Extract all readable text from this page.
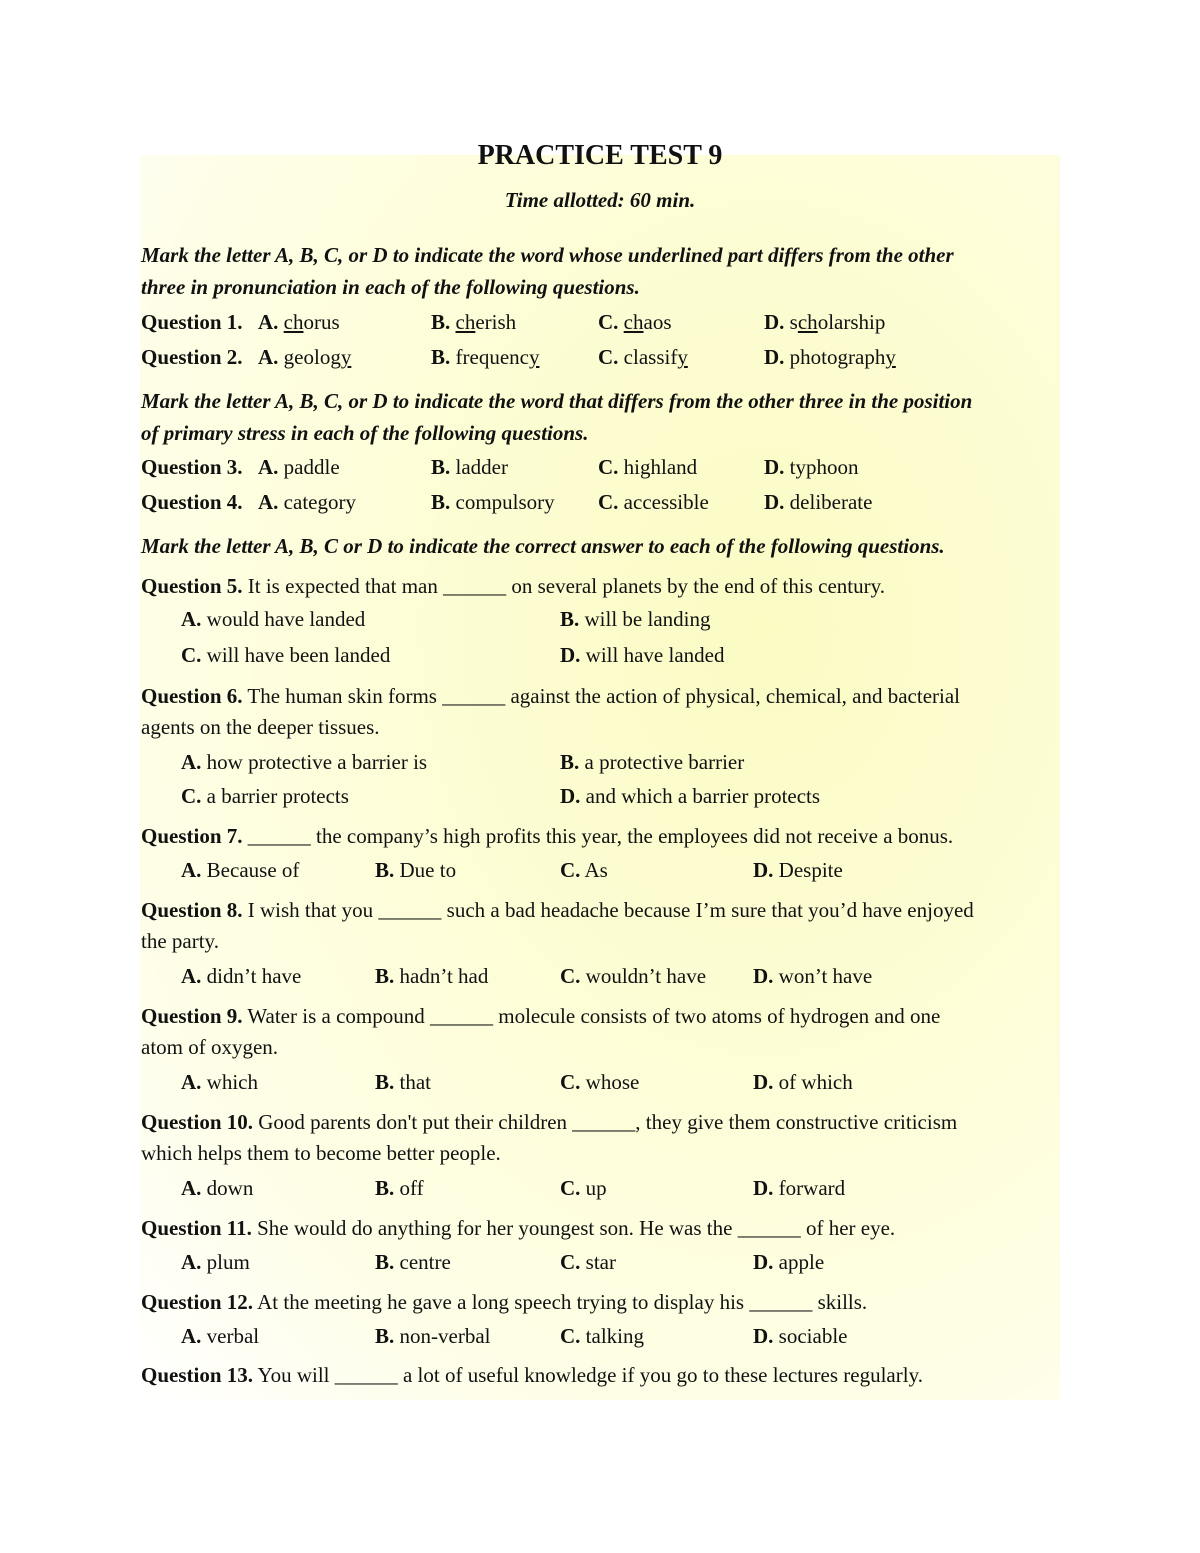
PRACTICE TEST 9
Time allotted: 60 min.
Mark the letter A, B, C, or D to indicate the word whose underlined part differs from the other
three in pronunciation in each of the following questions.
Question 1. A. chorus	B. cherish	C. chaos	D. scholarship
Question 2. A. geology	B. frequency	C. classify	D. photography
Mark the letter A, B, C, or D to indicate the word that differs from the other three in the position
of primary stress in each of the following questions.
Question 3. A. paddle	B. ladder	C. highland	D. typhoon
Question 4. A. category	B. compulsory C. accessible	D. deliberate
Mark the letter A, B, C or D to indicate the correct answer to each of the following questions.
Question 5. It is expected that man ______ on several planets by the end of this century.
A. would have landed	B. will be landing
C. will have been landed	D. will have landed
Question 6. The human skin forms ______ against the action of physical, chemical, and bacterial
agents on the deeper tissues.
A. how protective a barrier is	B. a protective barrier
C. a barrier protects	D. and which a barrier protects
Question 7. ______ the company’s high profits this year, the employees did not receive a bonus.
A. Because of	B. Due to	C. As	D. Despite
Question 8. I wish that you ______ such a bad headache because I’m sure that you’d have enjoyed
the party.
A. didn’t have	B. hadn’t had	C. wouldn’t have D. won’t have
Question 9. Water is a compound ______ molecule consists of two atoms of hydrogen and one
atom of oxygen.
A. which	B. that	C. whose	D. of which
Question 10. Good parents don't put their children ______, they give them constructive criticism
which helps them to become better people.
A. down	B. off	C. up	D. forward
Question 11. She would do anything for her youngest son. He was the ______ of her eye.
A. plum	B. centre	C. star	D. apple
Question 12. At the meeting he gave a long speech trying to display his ______ skills.
A. verbal	B. non-verbal	C. talking	D. sociable
Question 13. You will ______ a lot of useful knowledge if you go to these lectures regularly.
